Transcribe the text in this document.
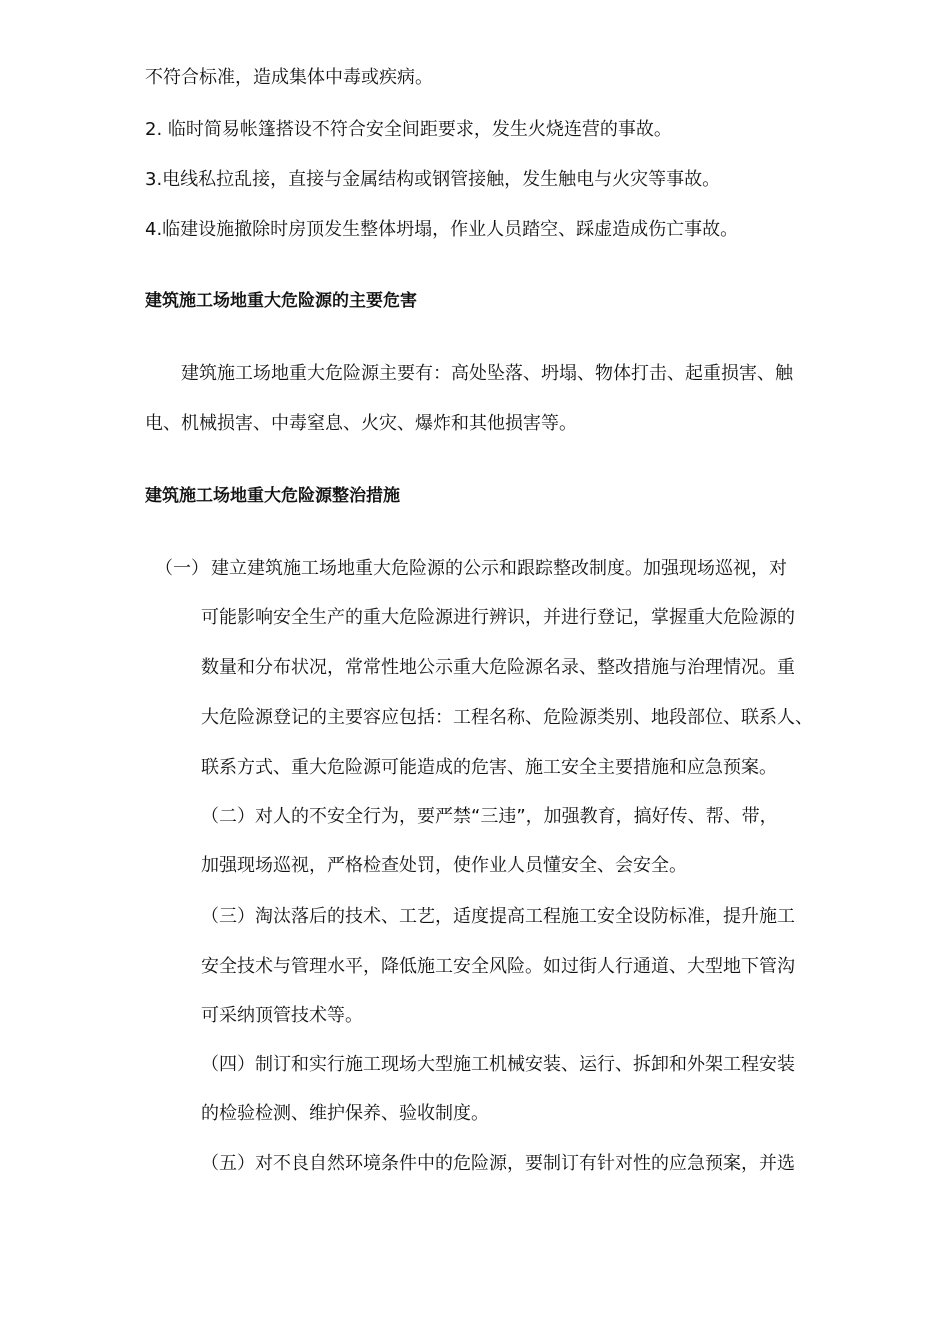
不符合标准，造成集体中毒或疾病。
2. 临时简易帐篷搭设不符合安全间距要求，发生火烧连营的事故。
3.电线私拉乱接，直接与金属结构或钢管接触，发生触电与火灾等事故。
4.临建设施撤除时房顶发生整体坍塌，作业人员踏空、踩虚造成伤亡事故。
建筑施工场地重大危险源的主要危害
建筑施工场地重大危险源主要有：高处坠落、坍塌、物体打击、起重损害、触
电、机械损害、中毒窒息、火灾、爆炸和其他损害等。
建筑施工场地重大危险源整治措施
（一） 建立建筑施工场地重大危险源的公示和跟踪整改制度。加强现场巡视，对
可能影响安全生产的重大危险源进行辨识，并进行登记，掌握重大危险源的
数量和分布状况，常常性地公示重大危险源名录、整改措施与治理情况。重
大危险源登记的主要容应包括：工程名称、危险源类别、地段部位、联系人、
联系方式、重大危险源可能造成的危害、施工安全主要措施和应急预案。
（二）对人的不安全行为，要严禁“三违”，加强教育，搞好传、帮、带，
加强现场巡视，严格检查处罚，使作业人员懂安全、会安全。
（三）淘汰落后的技术、工艺，适度提高工程施工安全设防标准，提升施工
安全技术与管理水平，降低施工安全风险。如过街人行通道、大型地下管沟
可采纳顶管技术等。
（四）制订和实行施工现场大型施工机械安装、运行、拆卸和外架工程安装
的检验检测、维护保养、验收制度。
（五）对不良自然环境条件中的危险源，要制订有针对性的应急预案，并选
